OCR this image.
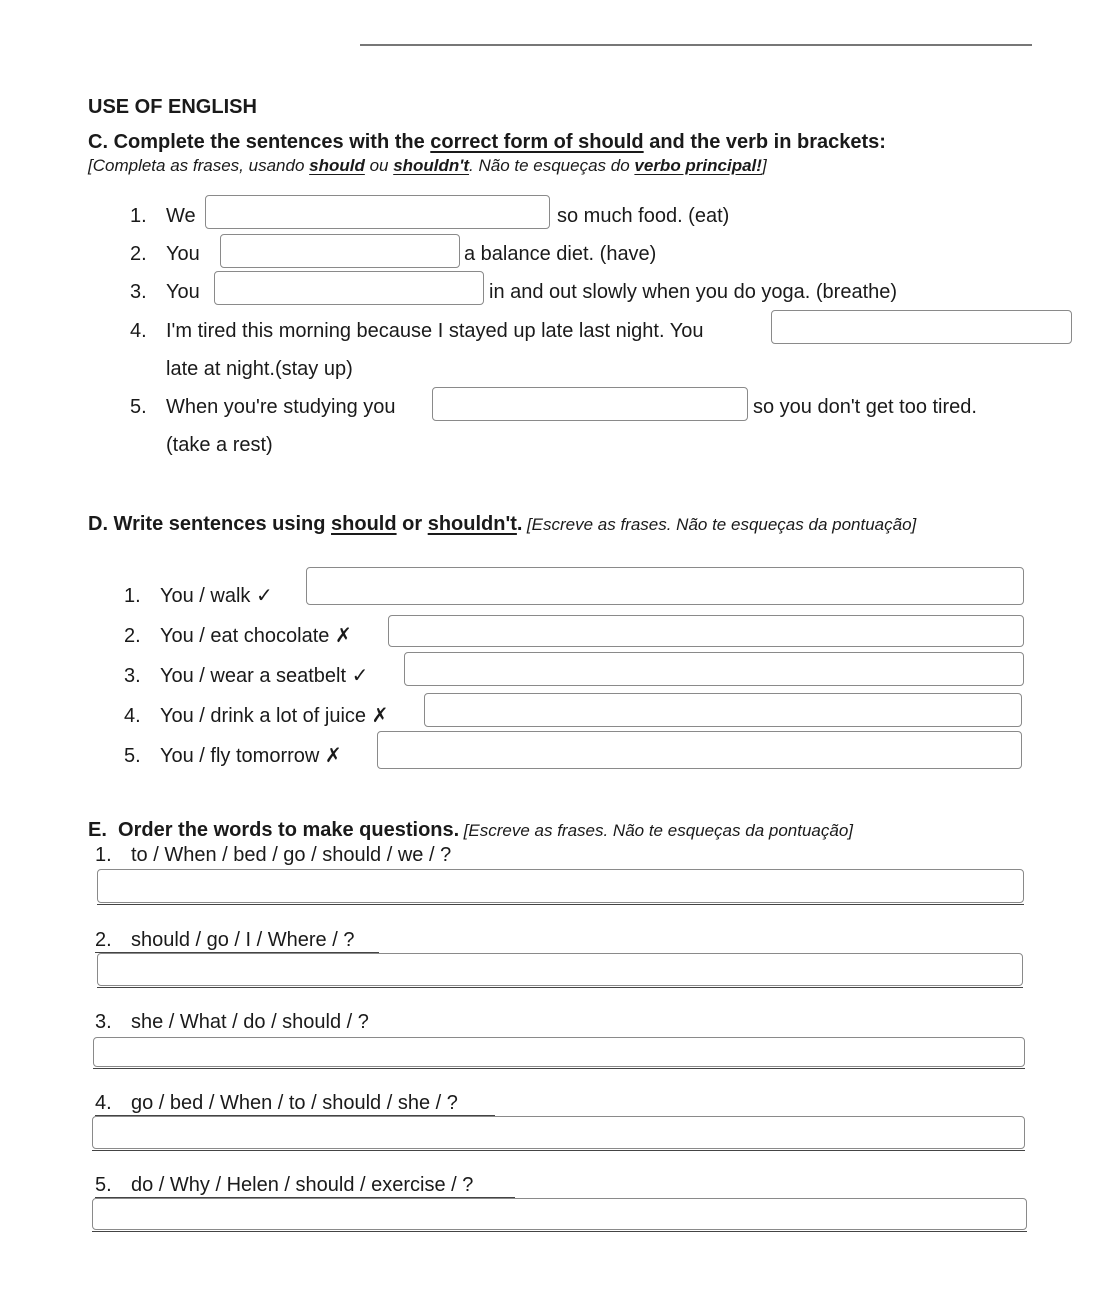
USE OF ENGLISH
C. Complete the sentences with the correct form of should and the verb in brackets:
[Completa as frases, usando should ou shouldn't. Não te esqueças do verbo principal!]
1. We	so much food. (eat)
2. You	a balance diet. (have)
3. You	in and out slowly when you do yoga. (breathe)
4. I'm tired this morning because I stayed up late last night. You
late at night.(stay up)
5. When you're studying you	so you don't get too tired.
(take a rest)
D. Write sentences using should or shouldn't. [Escreve as frases. Não te esqueças da pontuação]
1. You / walk ✓
2. You / eat chocolate ✗
3. You / wear a seatbelt ✓
4. You / drink a lot of juice ✗
5. You / fly tomorrow ✗
E.  Order the words to make questions. [Escreve as frases. Não te esqueças da pontuação]
1. to / When / bed / go / should / we / ?
2. should / go / I / Where / ?
3. she / What / do / should / ?
4. go / bed / When / to / should / she / ?
5. do / Why / Helen / should / exercise / ?
